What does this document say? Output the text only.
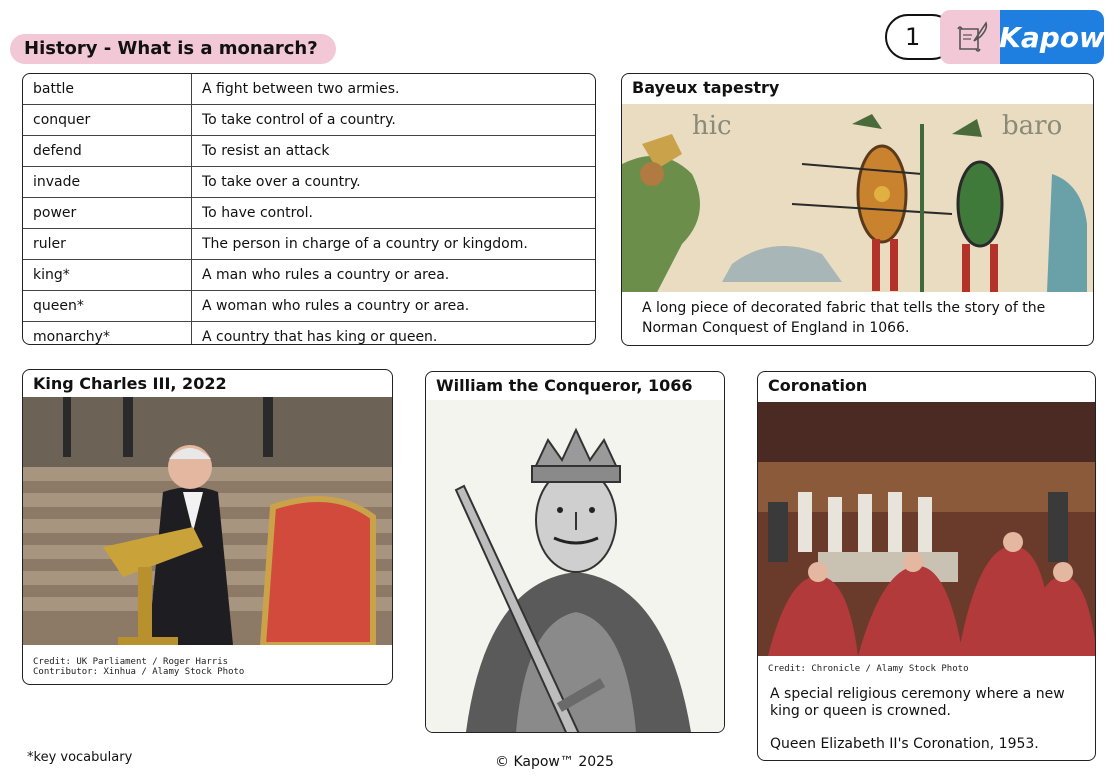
History - What is a monarch?	1	Kapow
battle	A fight between two armies.
conquer	To take control of a country.
defend	To resist an attack
invade	To take over a country.
power	To have control.
ruler	The person in charge of a country or kingdom.
king*	A man who rules a country or area.
queen*	A woman who rules a country or area.
monarchy*	A country that has king or queen.
Bayeux tapestry
hic	baro
A long piece of decorated fabric that tells the story of the Norman Conquest of England in 1066.
King Charles III, 2022
Credit: UK Parliament / Roger Harris
Contributor: Xinhua / Alamy Stock Photo
William the Conqueror, 1066	Coronation
Credit: Chronicle / Alamy Stock Photo
A special religious ceremony where a new king or queen is crowned.
Queen Elizabeth II's Coronation, 1953.
*key vocabulary	© Kapow™ 2025
